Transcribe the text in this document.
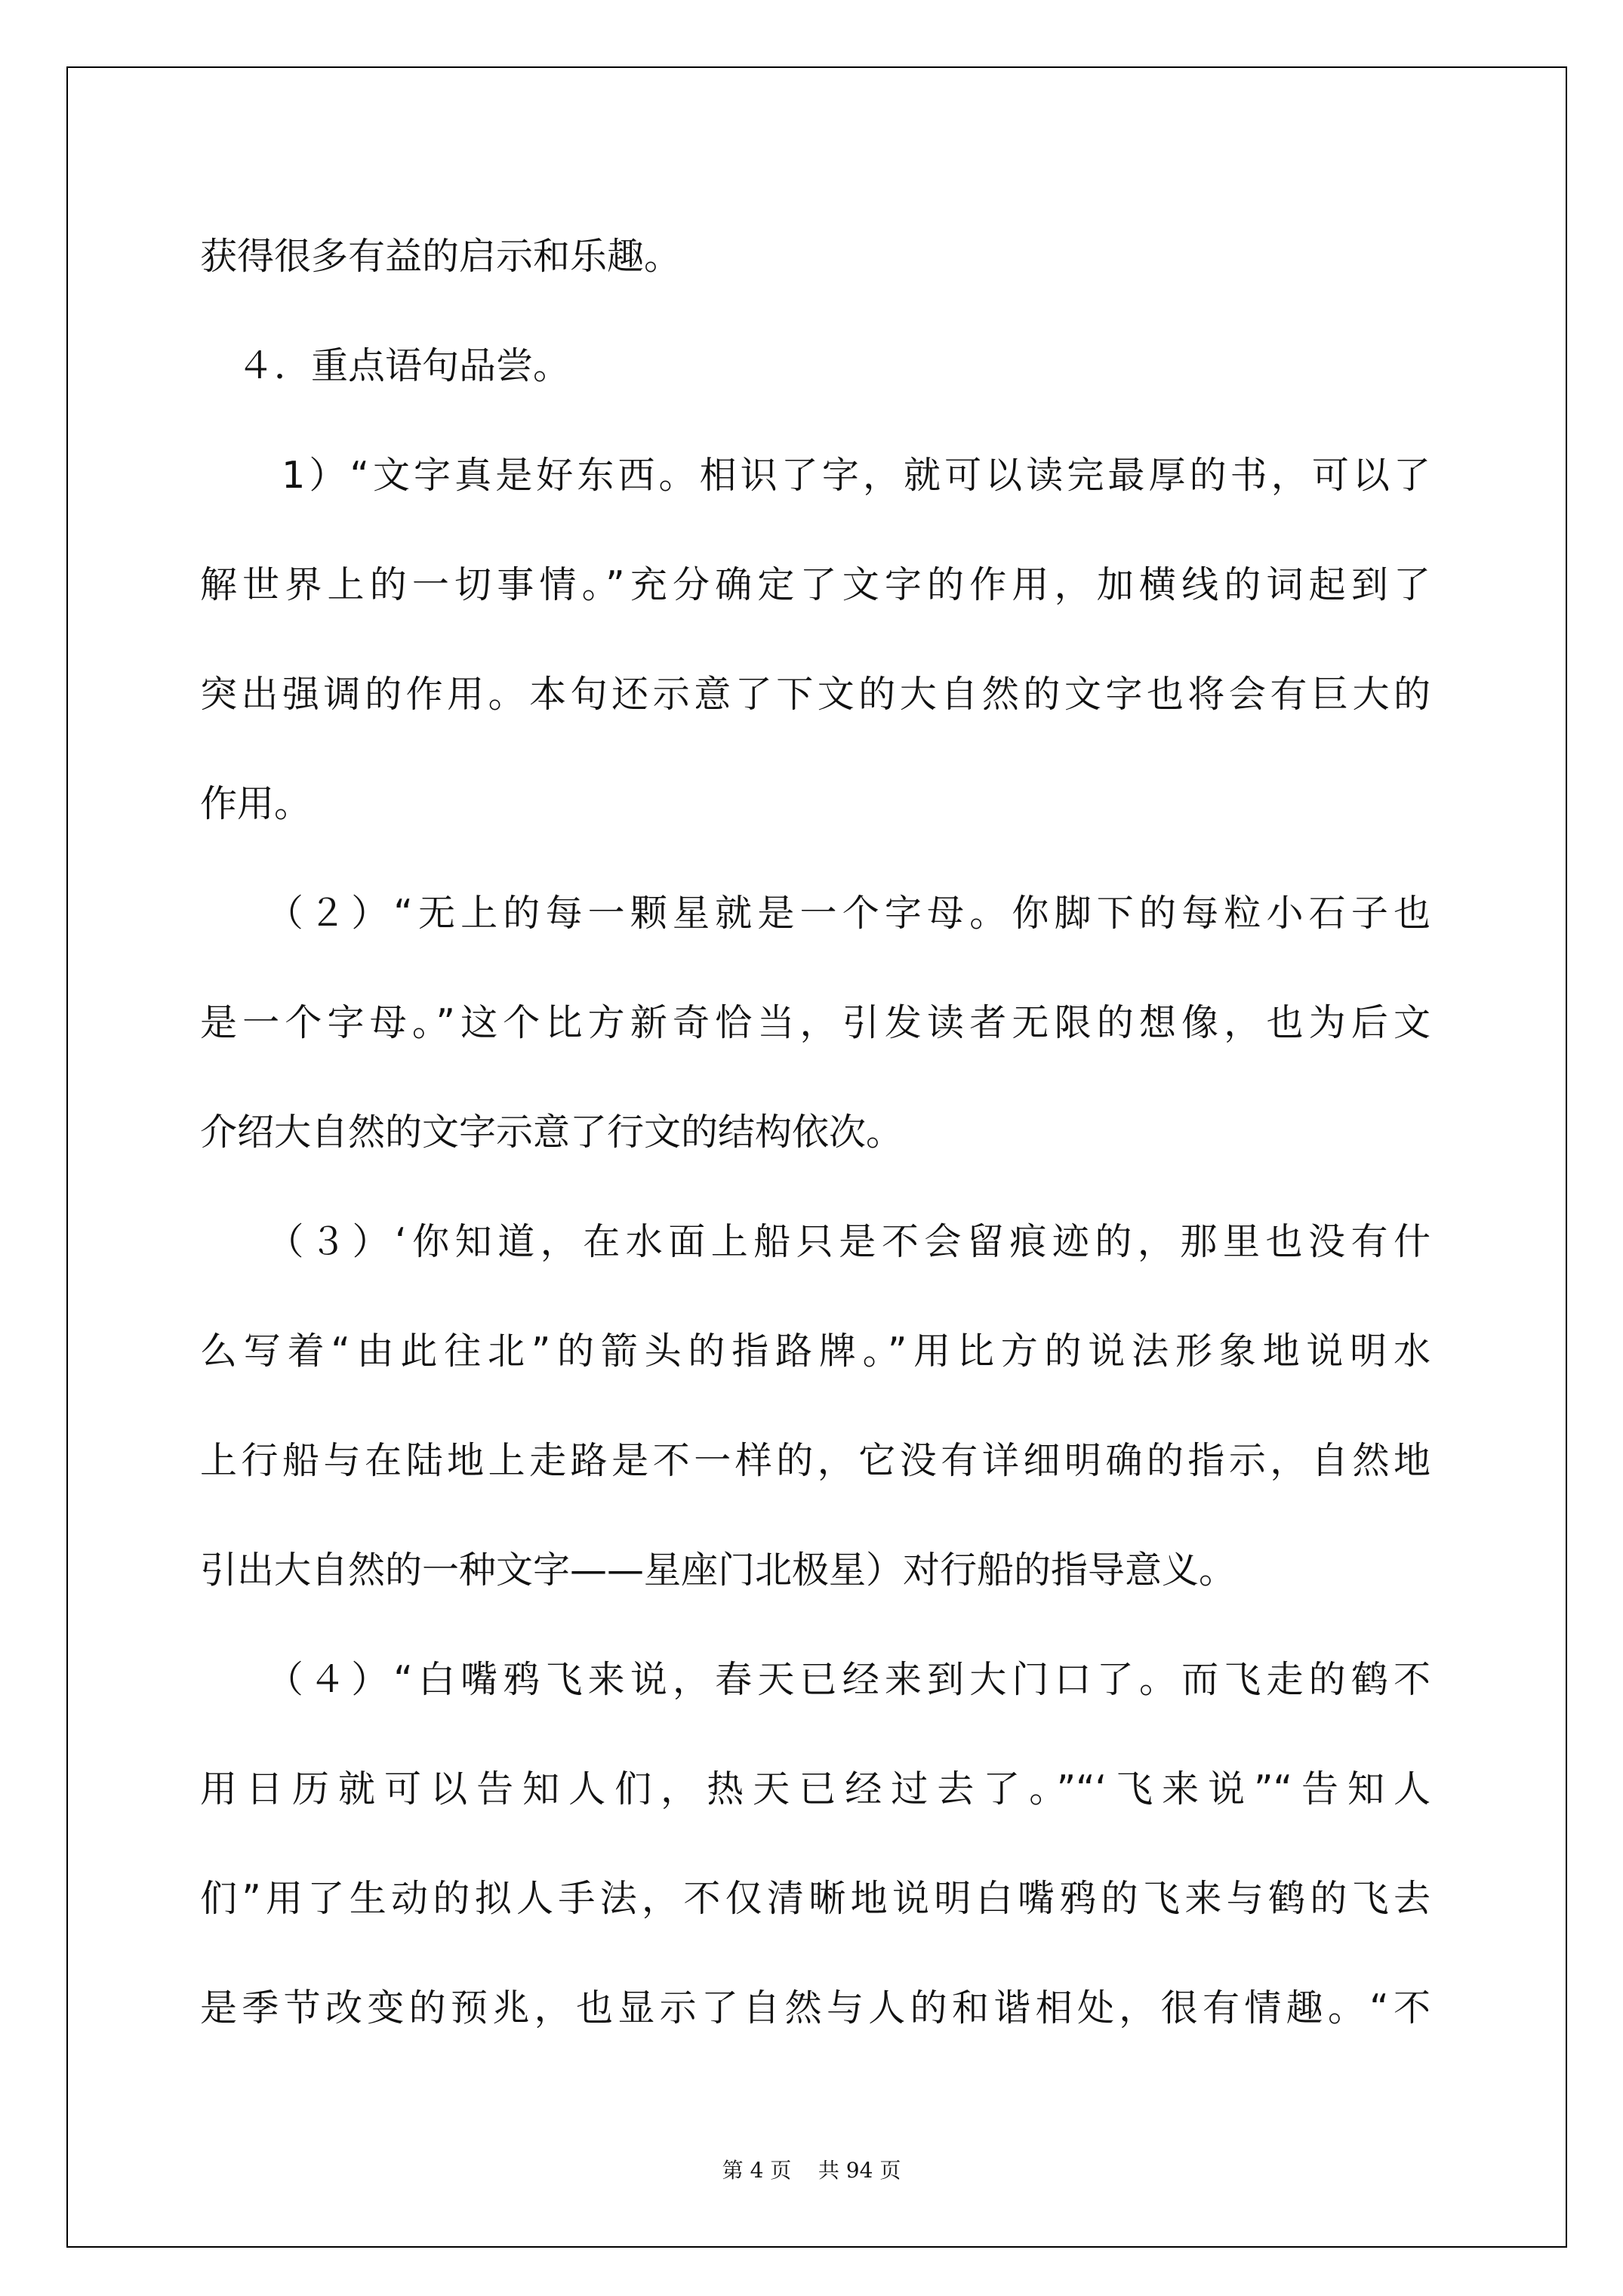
获得很多有益的启示和乐趣。

　４．重点语句品尝。

　　1）“文字真是好东西。相识了字，就可以读完最厚的书，可以了

解世界上的一切事情。”充分确定了文字的作用，加横线的词起到了

突出强调的作用。本句还示意了下文的大自然的文字也将会有巨大的

作用。

　　（２）“无上的每一颗星就是一个字母。你脚下的每粒小石子也

是一个字母。”这个比方新奇恰当，引发读者无限的想像，也为后文

介绍大自然的文字示意了行文的结构依次。

　　（３）‘你知道，在水面上船只是不会留痕迹的，那里也没有什

么写着“由此往北”的箭头的指路牌。”用比方的说法形象地说明水

上行船与在陆地上走路是不一样的，它没有详细明确的指示，自然地

引出大自然的一种文字——星座门北极星）对行船的指导意义。

　　（４）“白嘴鸦飞来说，春天已经来到大门口了。而飞走的鹤不

用日历就可以告知人们，热天已经过去了。”“‘飞来说”“告知人

们”用了生动的拟人手法，不仅清晰地说明白嘴鸦的飞来与鹤的飞去

是季节改变的预兆，也显示了自然与人的和谐相处，很有情趣。“不

第 4 页    共 94 页
